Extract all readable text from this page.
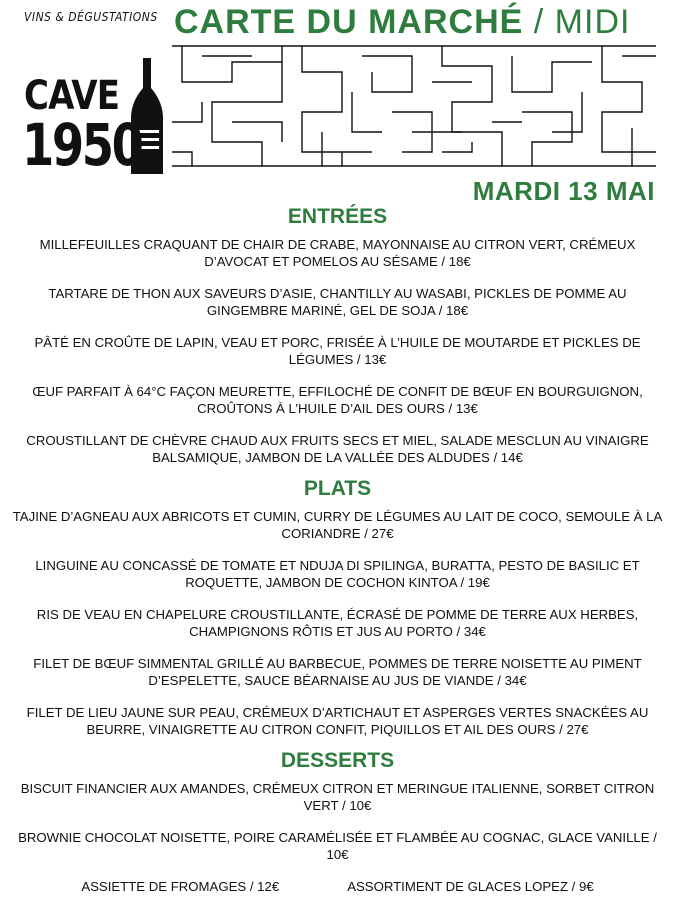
VINS & DÉGUSTATIONS
CAVE
1950
CARTE DU MARCHÉ / MIDI
MARDI 13 MAI
ENTRÉES
MILLEFEUILLES CRAQUANT DE CHAIR DE CRABE, MAYONNAISE AU CITRON VERT, CRÉMEUX D’AVOCAT ET POMELOS AU SÉSAME / 18€
TARTARE DE THON AUX SAVEURS D’ASIE, CHANTILLY AU WASABI, PICKLES DE POMME AU GINGEMBRE MARINÉ, GEL DE SOJA / 18€
PÂTÉ EN CROÛTE DE LAPIN, VEAU ET PORC, FRISÉE À L’HUILE DE MOUTARDE ET PICKLES DE LÉGUMES / 13€
ŒUF PARFAIT À 64°C FAÇON MEURETTE, EFFILOCHÉ DE CONFIT DE BŒUF EN BOURGUIGNON, CROÛTONS À L’HUILE D’AIL DES OURS / 13€
CROUSTILLANT DE CHÈVRE CHAUD AUX FRUITS SECS ET MIEL, SALADE MESCLUN AU VINAIGRE BALSAMIQUE, JAMBON DE LA VALLÉE DES ALDUDES / 14€
PLATS
TAJINE D’AGNEAU AUX ABRICOTS ET CUMIN, CURRY DE LÉGUMES AU LAIT DE COCO, SEMOULE À LA CORIANDRE / 27€
LINGUINE AU CONCASSÉ DE TOMATE ET NDUJA DI SPILINGA, BURATTA, PESTO DE BASILIC ET ROQUETTE, JAMBON DE COCHON KINTOA / 19€
RIS DE VEAU EN CHAPELURE CROUSTILLANTE, ÉCRASÉ DE POMME DE TERRE AUX HERBES, CHAMPIGNONS RÔTIS ET JUS AU PORTO / 34€
FILET DE BŒUF SIMMENTAL GRILLÉ AU BARBECUE, POMMES DE TERRE NOISETTE AU PIMENT D’ESPELETTE, SAUCE BÉARNAISE AU JUS DE VIANDE / 34€
FILET DE LIEU JAUNE SUR PEAU, CRÉMEUX D’ARTICHAUT ET ASPERGES VERTES SNACKÉES AU BEURRE, VINAIGRETTE AU CITRON CONFIT, PIQUILLOS ET AIL DES OURS / 27€
DESSERTS
BISCUIT FINANCIER AUX AMANDES, CRÉMEUX CITRON ET MERINGUE ITALIENNE, SORBET CITRON VERT / 10€
BROWNIE CHOCOLAT NOISETTE, POIRE CARAMÉLISÉE ET FLAMBÉE AU COGNAC, GLACE VANILLE / 10€
ASSIETTE DE FROMAGES / 12€	ASSORTIMENT DE GLACES LOPEZ / 9€
